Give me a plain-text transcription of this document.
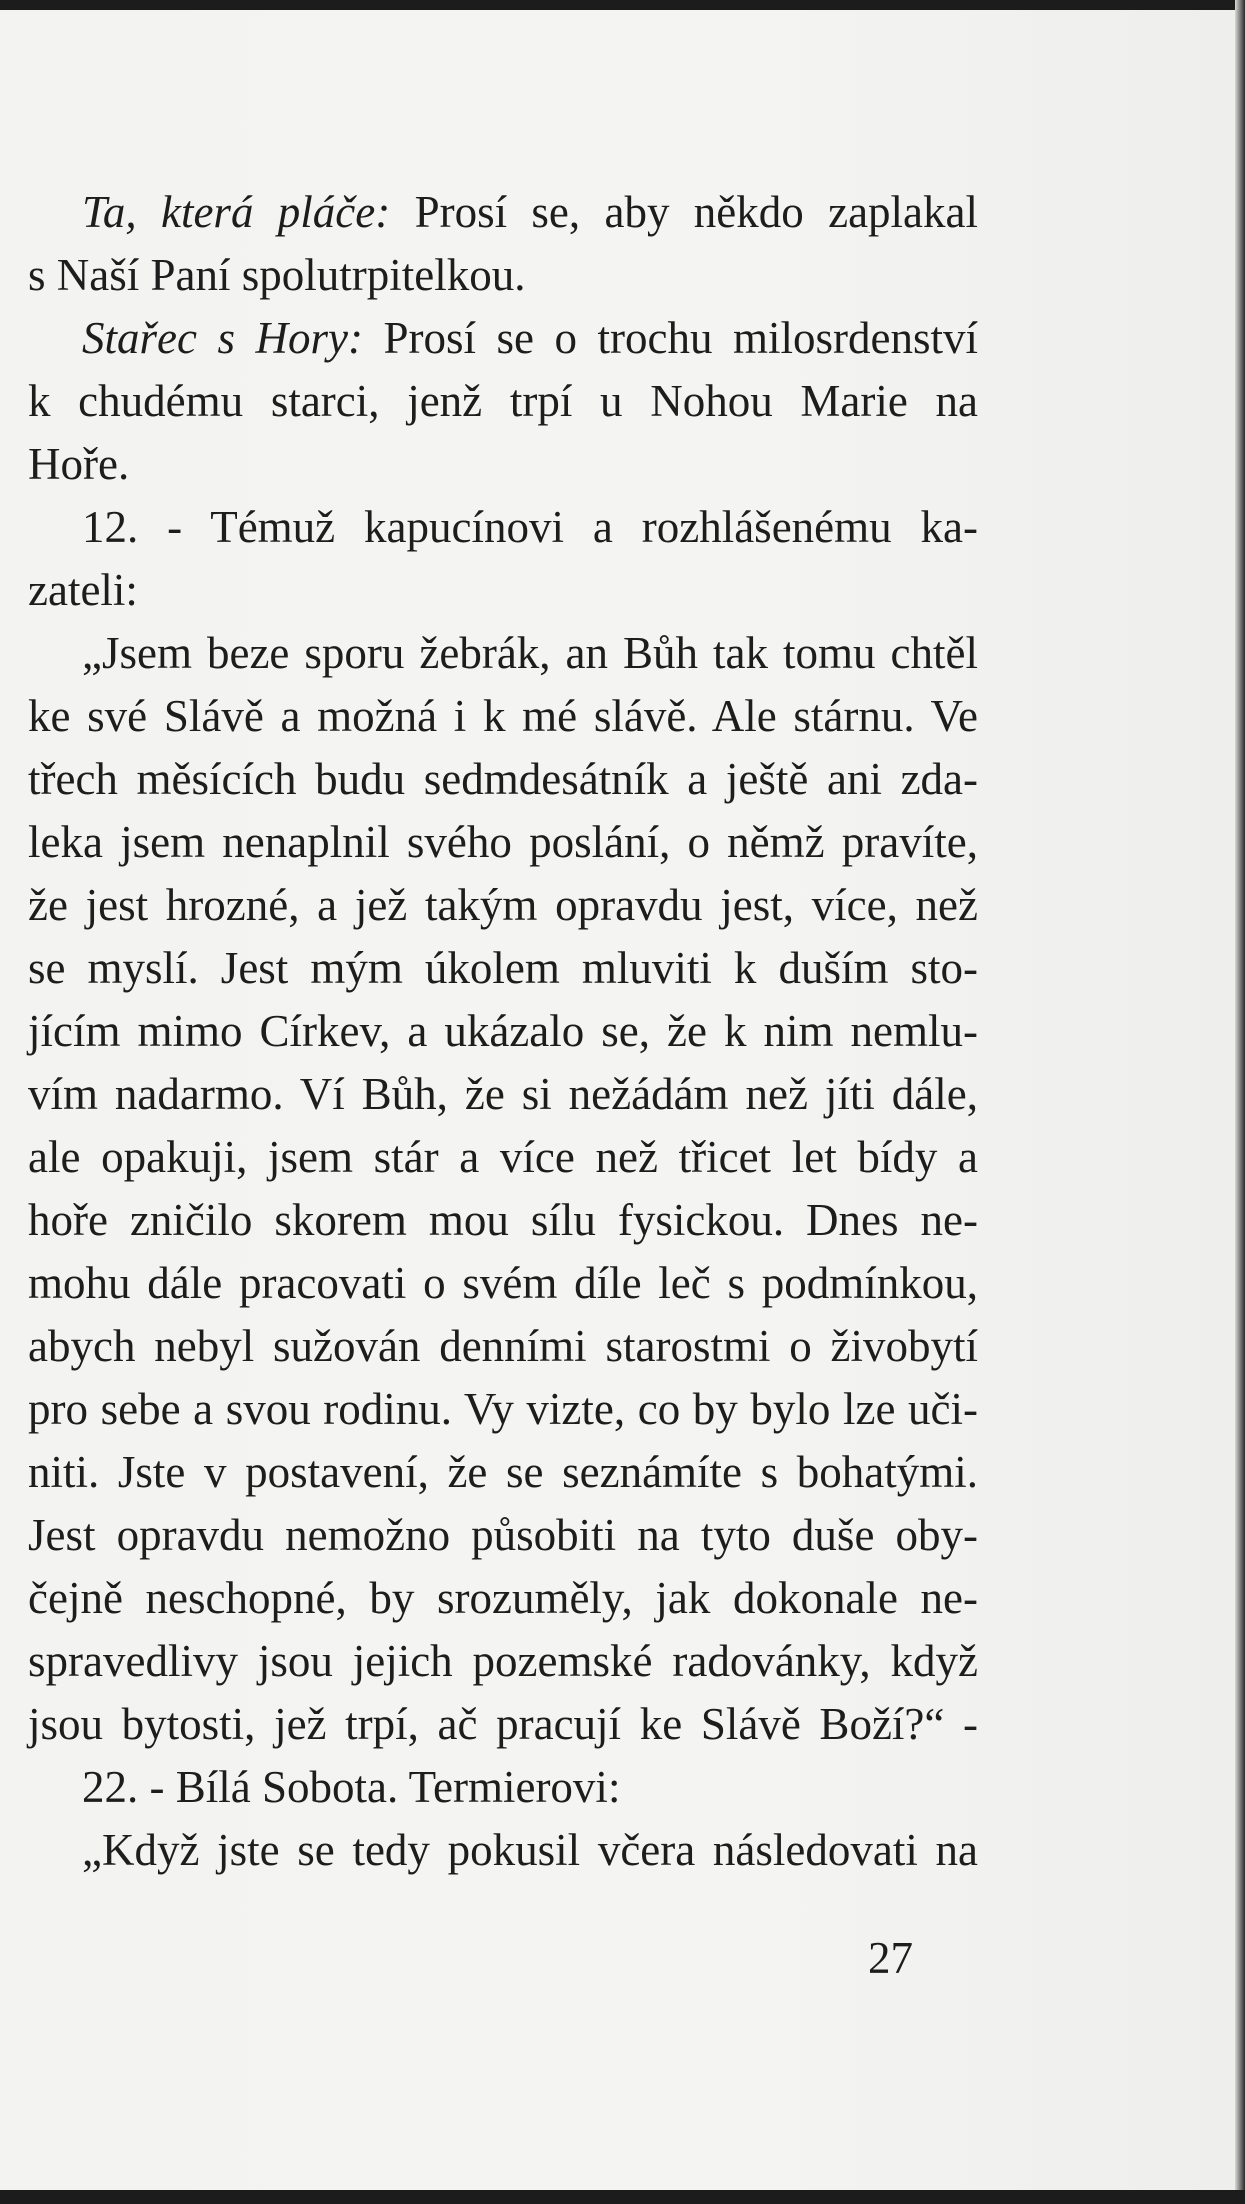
Ta, která pláče: Prosí se, aby někdo zaplakal
s Naší Paní spolutrpitelkou.
Stařec s Hory: Prosí se o trochu milosrdenství
k chudému starci, jenž trpí u Nohou Marie na
Hoře.
12. - Témuž kapucínovi a rozhlášenému ka-
zateli:
„Jsem beze sporu žebrák, an Bůh tak tomu chtěl
ke své Slávě a možná i k mé slávě. Ale stárnu. Ve
třech měsících budu sedmdesátník a ještě ani zda-
leka jsem nenaplnil svého poslání, o němž pravíte,
že jest hrozné, a jež takým opravdu jest, více, než
se myslí. Jest mým úkolem mluviti k duším sto-
jícím mimo Církev, a ukázalo se, že k nim nemlu-
vím nadarmo. Ví Bůh, že si nežádám než jíti dále,
ale opakuji, jsem stár a více než třicet let bídy a
hoře zničilo skorem mou sílu fysickou. Dnes ne-
mohu dále pracovati o svém díle leč s podmínkou,
abych nebyl sužován denními starostmi o živobytí
pro sebe a svou rodinu. Vy vizte, co by bylo lze uči-
niti. Jste v postavení, že se seznámíte s bohatými.
Jest opravdu nemožno působiti na tyto duše oby-
čejně neschopné, by srozuměly, jak dokonale ne-
spravedlivy jsou jejich pozemské radovánky, když
jsou bytosti, jež trpí, ač pracují ke Slávě Boží?“ -
22. - Bílá Sobota. Termierovi:
„Když jste se tedy pokusil včera následovati na
27
